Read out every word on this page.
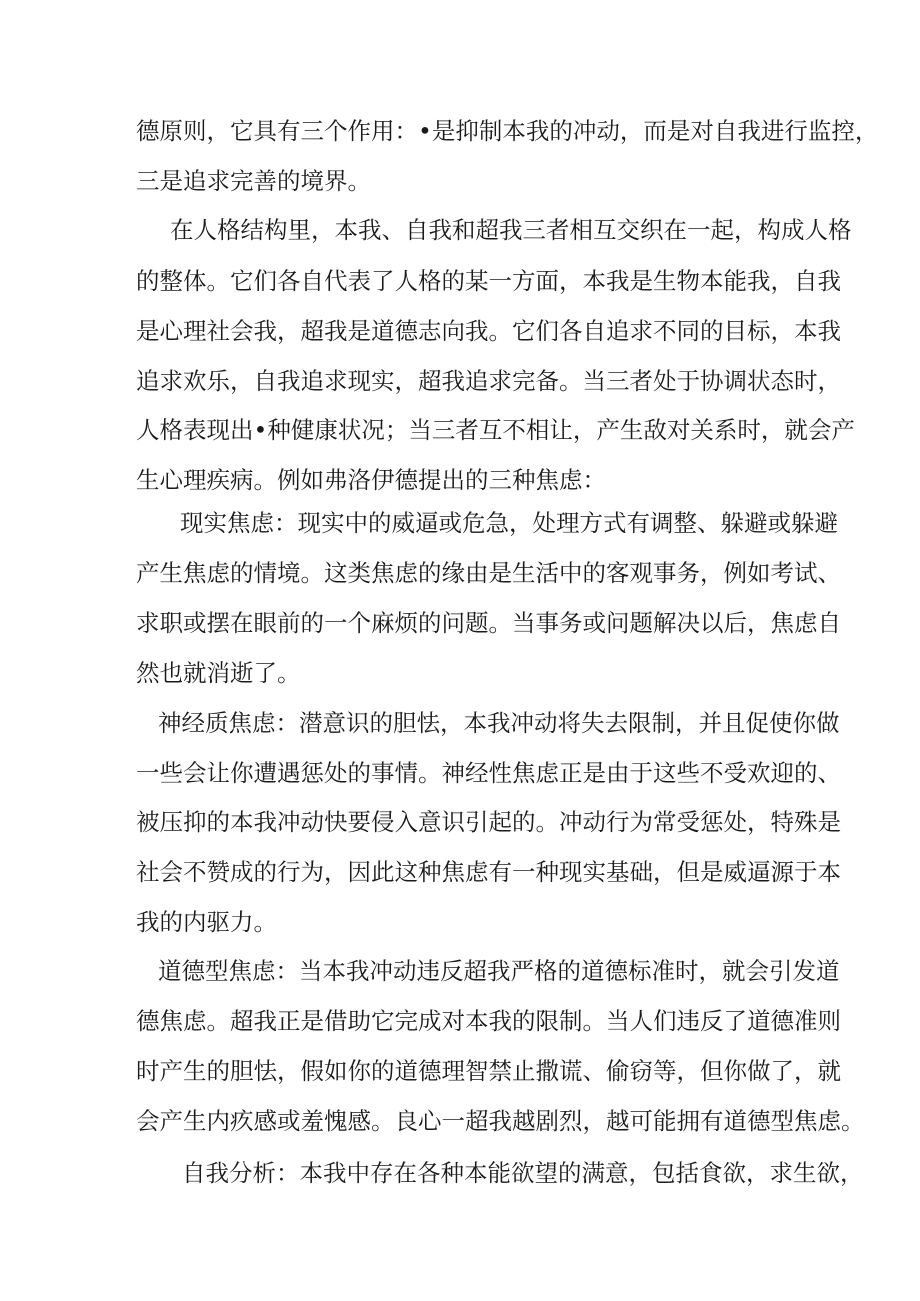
德原则，它具有三个作用：•是抑制本我的冲动，而是对自我进行监控，
三是追求完善的境界。
在人格结构里，本我、自我和超我三者相互交织在一起，构成人格
的整体。它们各自代表了人格的某一方面，本我是生物本能我，自我
是心理社会我，超我是道德志向我。它们各自追求不同的目标，本我
追求欢乐，自我追求现实，超我追求完备。当三者处于协调状态时，
人格表现出•种健康状况；当三者互不相让，产生敌对关系时，就会产
生心理疾病。例如弗洛伊德提出的三种焦虑：
现实焦虑：现实中的威逼或危急，处理方式有调整、躲避或躲避
产生焦虑的情境。这类焦虑的缘由是生活中的客观事务，例如考试、
求职或摆在眼前的一个麻烦的问题。当事务或问题解决以后，焦虑自
然也就消逝了。
神经质焦虑：潜意识的胆怯，本我冲动将失去限制，并且促使你做
一些会让你遭遇惩处的事情。神经性焦虑正是由于这些不受欢迎的、
被压抑的本我冲动快要侵入意识引起的。冲动行为常受惩处，特殊是
社会不赞成的行为，因此这种焦虑有一种现实基础，但是威逼源于本
我的内驱力。
道德型焦虑：当本我冲动违反超我严格的道德标准时，就会引发道
德焦虑。超我正是借助它完成对本我的限制。当人们违反了道德准则
时产生的胆怯，假如你的道德理智禁止撒谎、偷窃等，但你做了，就
会产生内疚感或羞愧感。良心一超我越剧烈，越可能拥有道德型焦虑。
自我分析：本我中存在各种本能欲望的满意，包括食欲，求生欲，
